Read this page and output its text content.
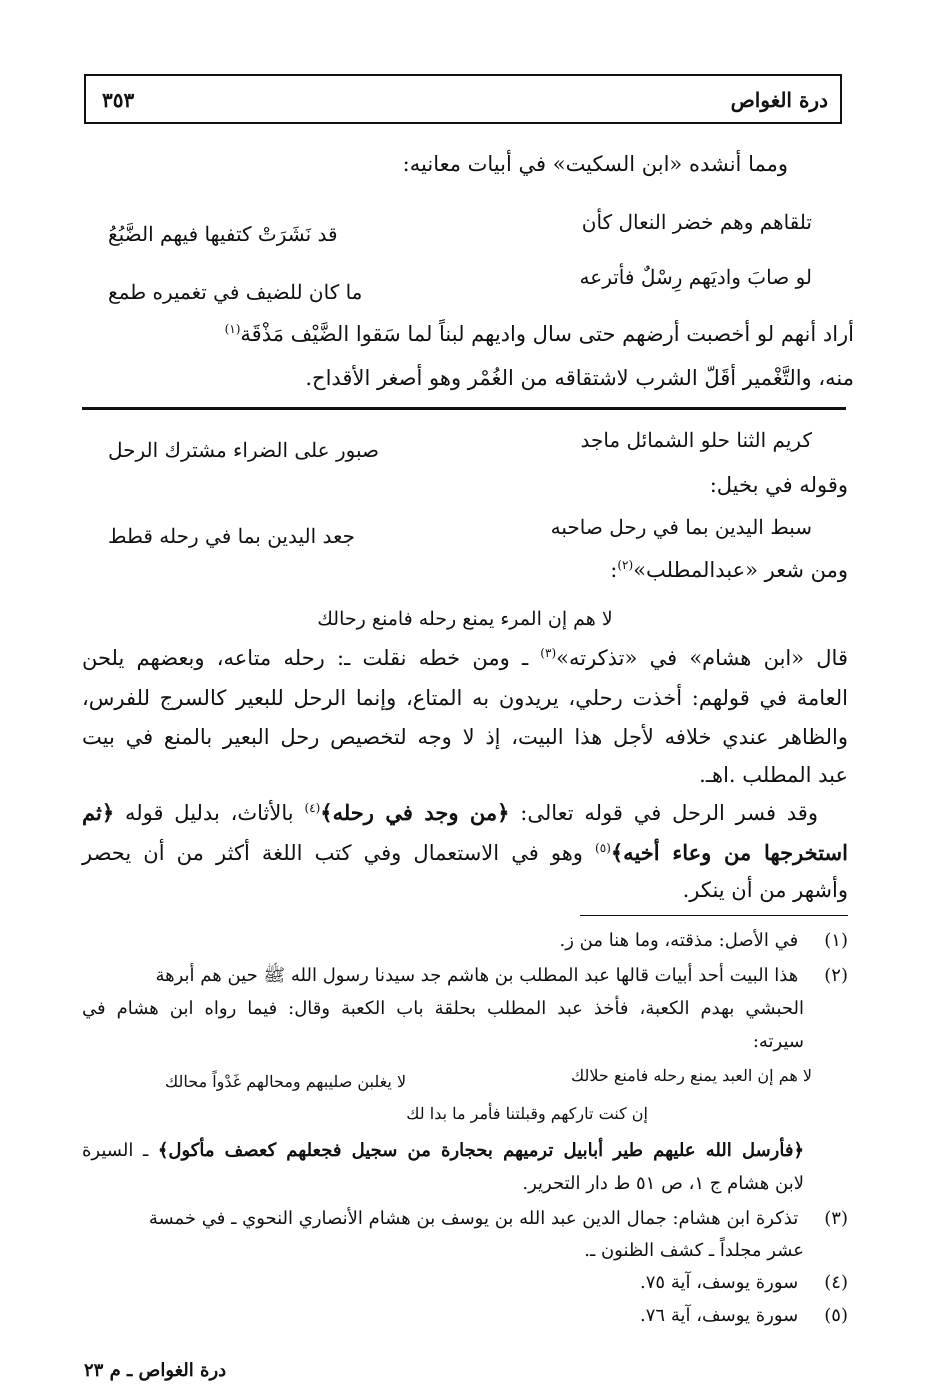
درة الغواص
٣٥٣
ومما أنشده «ابن السكيت» في أبيات معانيه:
تلقاهم وهم خضر النعال كأن
قد نَشَرَتْ كتفيها فيهم الضَّبُعُ
لو صابَ واديَهم رِسْلٌ فأترعه
ما كان للضيف في تغميره طمع
أراد أنهم لو أخصبت أرضهم حتى سال واديهم لبناً لما سَقوا الضَّيْف مَذْقَة$^{(١)}$
منه، والتَّغْمير أقَلّ الشرب لاشتقاقه من الغُمْر وهو أصغر الأقداح.
كريم الثنا حلو الشمائل ماجد
صبور على الضراء مشترك الرحل
وقوله في بخيل:
سبط اليدين بما في رحل صاحبه
جعد اليدين بما في رحله قطط
ومن شعر «عبدالمطلب»$^{(٢)}$:
لا هم إن المرء يمنع رحله فامنع رحالك
قال «ابن هشام» في «تذكرته»$^{(٣)}$ ـ ومن خطه نقلت ـ: رحله متاعه، وبعضهم يلحن
العامة في قولهم: أخذت رحلي، يريدون به المتاع، وإنما الرحل للبعير كالسرج للفرس،
والظاهر عندي خلافه لأجل هذا البيت، إذ لا وجه لتخصيص رحل البعير بالمنع في بيت
عبد المطلب .اهـ.
وقد فسر الرحل في قوله تعالى: ﴿من وجد في رحله﴾$^{(٤)}$ بالأثاث، بدليل قوله ﴿ثم
استخرجها من وعاء أخيه﴾$^{(٥)}$ وهو في الاستعمال وفي كتب اللغة أكثر من أن يحصر
وأشهر من أن ينكر.
(١) في الأصل: مذقته، وما هنا من ز.
(٢) هذا البيت أحد أبيات قالها عبد المطلب بن هاشم جد سيدنا رسول الله ﷺ حين هم أبرهة
الحبشي بهدم الكعبة، فأخذ عبد المطلب بحلقة باب الكعبة وقال: فيما رواه ابن هشام في
سيرته:
لا هم إن العبد يمنع رحله فامنع حلالك
لا يغلبن صليبهم ومحالهم غَدْواً محالك
إن كنت تاركهم وقبلتنا فأمر ما بدا لك
﴿فأرسل الله عليهم طير أبابيل ترميهم بحجارة من سجيل فجعلهم كعصف مأكول﴾ ـ السيرة
لابن هشام ج ١، ص ٥١ ط دار التحرير.
(٣) تذكرة ابن هشام: جمال الدين عبد الله بن يوسف بن هشام الأنصاري النحوي ـ في خمسة
عشر مجلداً ـ كشف الظنون ـ.
(٤) سورة يوسف، آية ٧٥.
(٥) سورة يوسف، آية ٧٦.
درة الغواص ـ م ٢٣
